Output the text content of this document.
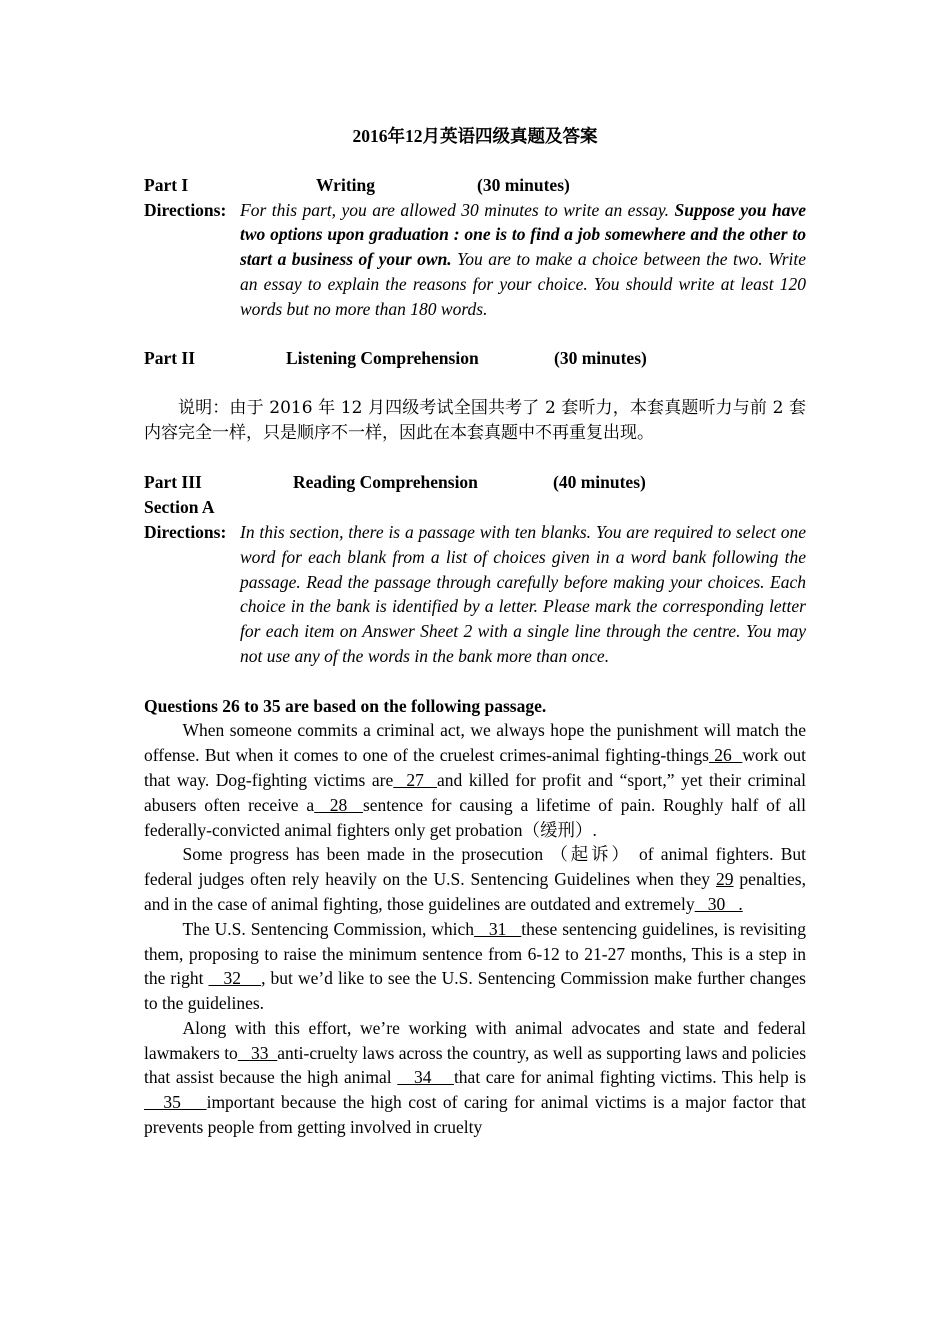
2016年12月英语四级真题及答案
Part I	Writing	(30 minutes)
Directions: For this part, you are allowed 30 minutes to write an essay. Suppose you have two options upon graduation : one is to find a job somewhere and the other to start a business of your own. You are to make a choice between the two. Write an essay to explain the reasons for your choice. You should write at least 120 words but no more than 180 words.
Part II	Listening Comprehension	(30 minutes)
说明：由于 2016 年 12 月四级考试全国共考了 2 套听力，本套真题听力与前 2 套内容完全一样，只是顺序不一样，因此在本套真题中不再重复出现。
Part III	Reading Comprehension	(40 minutes)
Section A
Directions: In this section, there is a passage with ten blanks. You are required to select one word for each blank from a list of choices given in a word bank following the passage. Read the passage through carefully before making your choices. Each choice in the bank is identified by a letter. Please mark the corresponding letter for each item on Answer Sheet 2 with a single line through the centre. You may not use any of the words in the bank more than once.
Questions 26 to 35 are based on the following passage.

When someone commits a criminal act, we always hope the punishment will match the offense. But when it comes to one of the cruelest crimes-animal fighting-things 26  work out that way. Dog-fighting victims are  27  and killed for profit and “sport,” yet their criminal abusers often receive a  28  sentence for causing a lifetime of pain. Roughly half of all federally-convicted animal fighters only get probation（缓刑）.

Some progress has been made in the prosecution （起诉） of animal fighters. But federal judges often rely heavily on the U.S. Sentencing Guidelines when they 29 penalties, and in the case of animal fighting, those guidelines are outdated and extremely   30   .

The U.S. Sentencing Commission, which   31   these sentencing guidelines, is revisiting them, proposing to raise the minimum sentence from 6-12 to 21-27 months, This is a step in the right    32    , but we’d like to see the U.S. Sentencing Commission make further changes to the guidelines.

Along with this effort, we’re working with animal advocates and state and federal lawmakers to   33  anti-cruelty laws across the country, as well as supporting laws and policies that assist because the high animal    34    that care for animal fighting victims. This help is    35    important because the high cost of caring for animal victims is a major factor that prevents people from getting involved in cruelty
